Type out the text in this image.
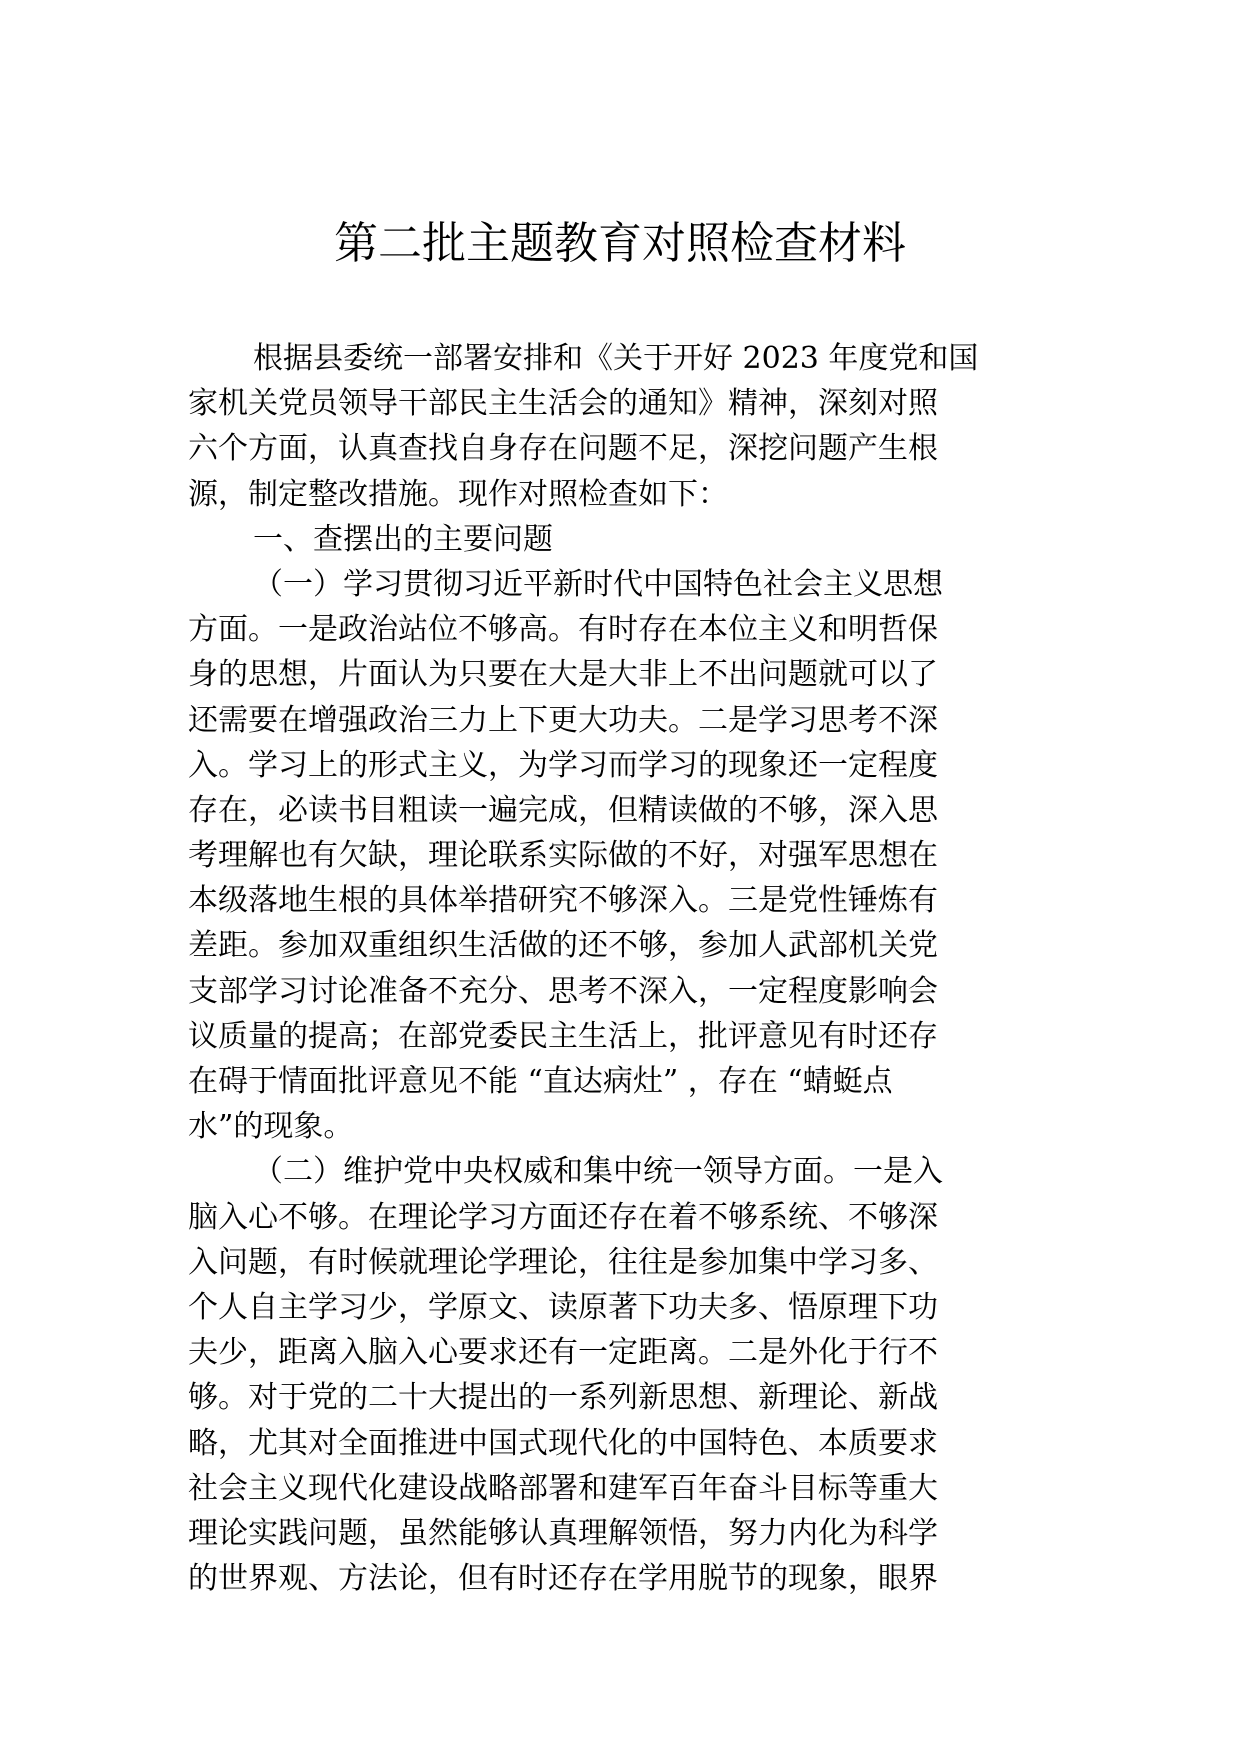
第二批主题教育对照检查材料
根据县委统一部署安排和《关于开好 2023 年度党和国
家机关党员领导干部民主生活会的通知》精神，深刻对照
六个方面，认真查找自身存在问题不足，深挖问题产生根
源，制定整改措施。现作对照检查如下：
一、查摆出的主要问题
（一）学习贯彻习近平新时代中国特色社会主义思想
方面。一是政治站位不够高。有时存在本位主义和明哲保
身的思想，片面认为只要在大是大非上不出问题就可以了
还需要在增强政治三力上下更大功夫。二是学习思考不深
入。学习上的形式主义，为学习而学习的现象还一定程度
存在，必读书目粗读一遍完成，但精读做的不够，深入思
考理解也有欠缺，理论联系实际做的不好，对强军思想在
本级落地生根的具体举措研究不够深入。三是党性锤炼有
差距。参加双重组织生活做的还不够，参加人武部机关党
支部学习讨论准备不充分、思考不深入，一定程度影响会
议质量的提高；在部党委民主生活上，批评意见有时还存
在碍于情面批评意见不能 “直达病灶” ，存在 “蜻蜓点
水”的现象。
（二）维护党中央权威和集中统一领导方面。一是入
脑入心不够。在理论学习方面还存在着不够系统、不够深
入问题，有时候就理论学理论，往往是参加集中学习多、
个人自主学习少，学原文、读原著下功夫多、悟原理下功
夫少，距离入脑入心要求还有一定距离。二是外化于行不
够。对于党的二十大提出的一系列新思想、新理论、新战
略，尤其对全面推进中国式现代化的中国特色、本质要求
社会主义现代化建设战略部署和建军百年奋斗目标等重大
理论实践问题，虽然能够认真理解领悟，努力内化为科学
的世界观、方法论，但有时还存在学用脱节的现象，眼界
